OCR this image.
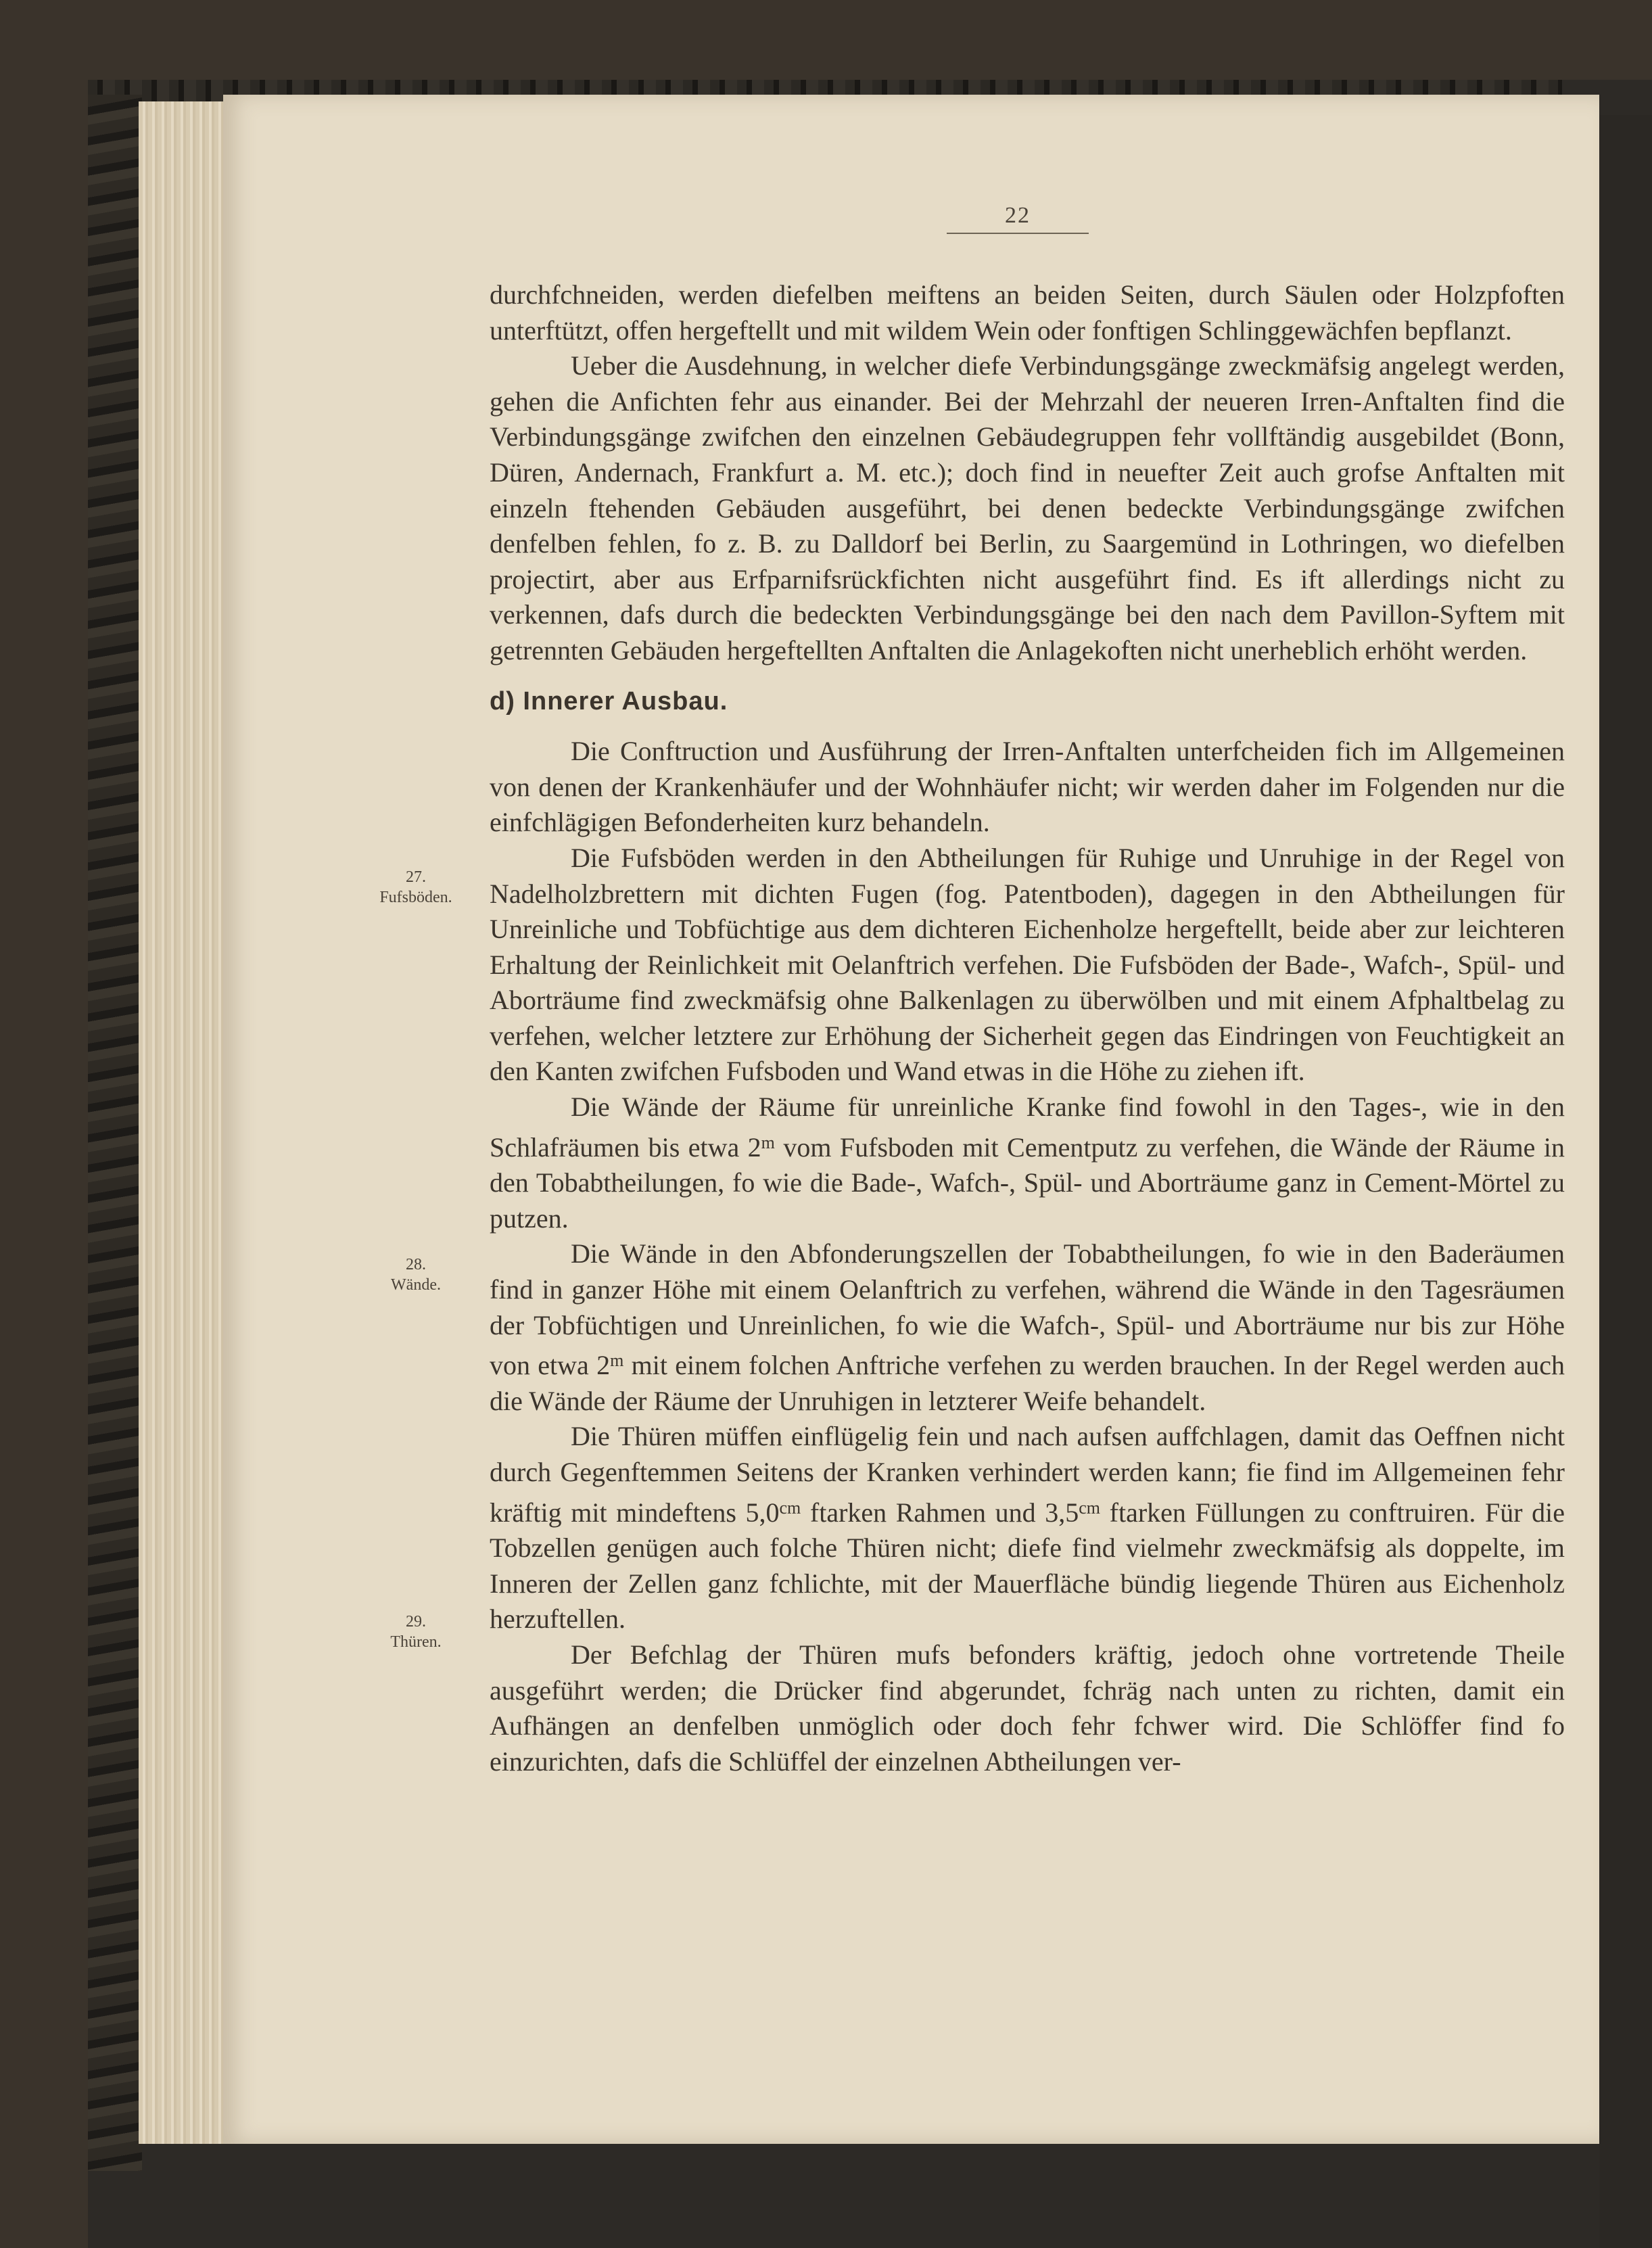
22
27.
Fufsböden.
28.
Wände.
29.
Thüren.

durchfchneiden, werden diefelben meiftens an beiden Seiten, durch Säulen oder Holzpfoften unterftützt, offen hergeftellt und mit wildem Wein oder fonftigen Schlinggewächfen bepflanzt.

Ueber die Ausdehnung, in welcher diefe Verbindungsgänge zweckmäfsig angelegt werden, gehen die Anfichten fehr aus einander. Bei der Mehrzahl der neueren Irren-Anftalten find die Verbindungsgänge zwifchen den einzelnen Gebäudegruppen fehr vollftändig ausgebildet (Bonn, Düren, Andernach, Frankfurt a. M. etc.); doch find in neuefter Zeit auch grofse Anftalten mit einzeln ftehenden Gebäuden ausgeführt, bei denen bedeckte Verbindungsgänge zwifchen denfelben fehlen, fo z. B. zu Dalldorf bei Berlin, zu Saargemünd in Lothringen, wo diefelben projectirt, aber aus Erfparnifsrückfichten nicht ausgeführt find. Es ift allerdings nicht zu verkennen, dafs durch die bedeckten Verbindungsgänge bei den nach dem Pavillon-Syftem mit getrennten Gebäuden hergeftellten Anftalten die Anlagekoften nicht unerheblich erhöht werden.

d) Innerer Ausbau.

Die Conftruction und Ausführung der Irren-Anftalten unterfcheiden fich im Allgemeinen von denen der Krankenhäufer und der Wohnhäufer nicht; wir werden daher im Folgenden nur die einfchlägigen Befonderheiten kurz behandeln.

Die Fufsböden werden in den Abtheilungen für Ruhige und Unruhige in der Regel von Nadelholzbrettern mit dichten Fugen (fog. Patentboden), dagegen in den Abtheilungen für Unreinliche und Tobfüchtige aus dem dichteren Eichenholze hergeftellt, beide aber zur leichteren Erhaltung der Reinlichkeit mit Oelanftrich verfehen. Die Fufsböden der Bade-, Wafch-, Spül- und Aborträume find zweckmäfsig ohne Balkenlagen zu überwölben und mit einem Afphaltbelag zu verfehen, welcher letztere zur Erhöhung der Sicherheit gegen das Eindringen von Feuchtigkeit an den Kanten zwifchen Fufsboden und Wand etwas in die Höhe zu ziehen ift.

Die Wände der Räume für unreinliche Kranke find fowohl in den Tages-, wie in den Schlafräumen bis etwa 2$^m$ vom Fufsboden mit Cementputz zu verfehen, die Wände der Räume in den Tobabtheilungen, fo wie die Bade-, Wafch-, Spül- und Aborträume ganz in Cement-Mörtel zu putzen.

Die Wände in den Abfonderungszellen der Tobabtheilungen, fo wie in den Baderäumen find in ganzer Höhe mit einem Oelanftrich zu verfehen, während die Wände in den Tagesräumen der Tobfüchtigen und Unreinlichen, fo wie die Wafch-, Spül- und Aborträume nur bis zur Höhe von etwa 2$^m$ mit einem folchen Anftriche verfehen zu werden brauchen. In der Regel werden auch die Wände der Räume der Unruhigen in letzterer Weife behandelt.

Die Thüren müffen einflügelig fein und nach aufsen auffchlagen, damit das Oeffnen nicht durch Gegenftemmen Seitens der Kranken verhindert werden kann; fie find im Allgemeinen fehr kräftig mit mindeftens $5,0^{cm}$ ftarken Rahmen und $3,5^{cm}$ ftarken Füllungen zu conftruiren. Für die Tobzellen genügen auch folche Thüren nicht; diefe find vielmehr zweckmäfsig als doppelte, im Inneren der Zellen ganz fchlichte, mit der Mauerfläche bündig liegende Thüren aus Eichenholz herzuftellen.

Der Befchlag der Thüren mufs befonders kräftig, jedoch ohne vortretende Theile ausgeführt werden; die Drücker find abgerundet, fchräg nach unten zu richten, damit ein Aufhängen an denfelben unmöglich oder doch fehr fchwer wird. Die Schlöffer find fo einzurichten, dafs die Schlüffel der einzelnen Abtheilungen ver-
